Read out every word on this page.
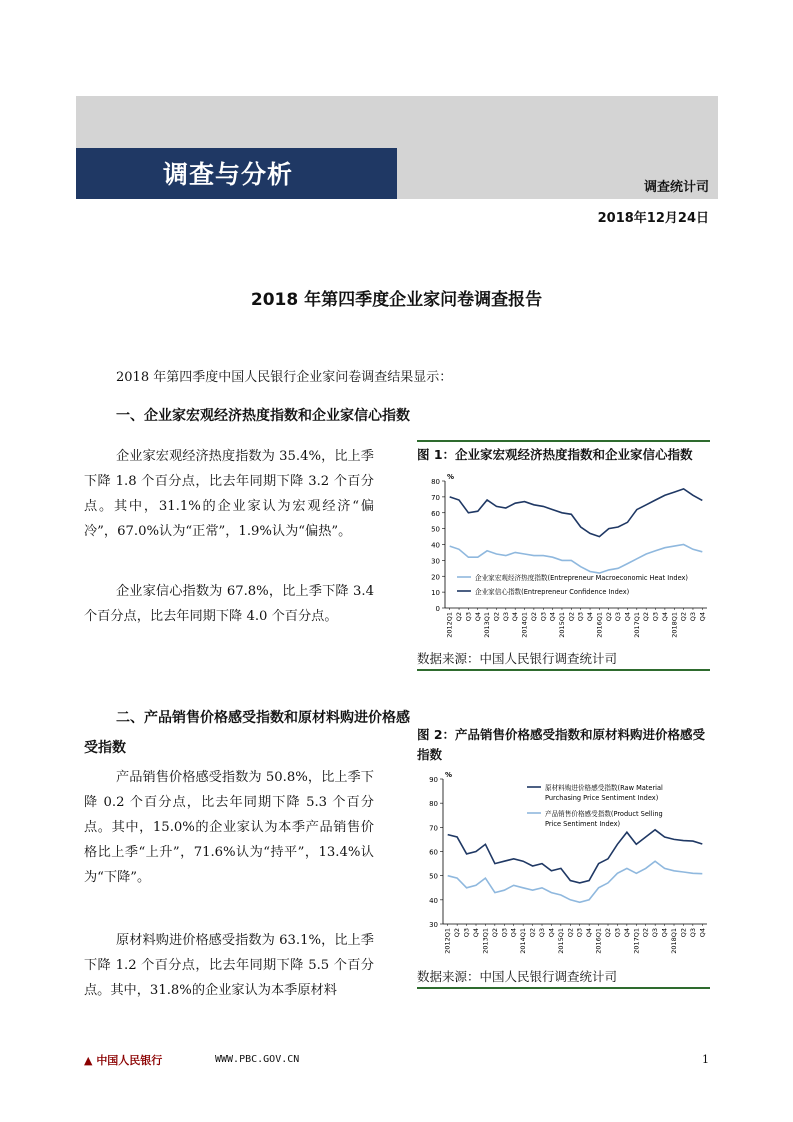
调查与分析	调查统计司
2018年12月24日
2018 年第四季度企业家问卷调查报告
2018 年第四季度中国人民银行企业家问卷调查结果显示：
一、企业家宏观经济热度指数和企业家信心指数
企业家宏观经济热度指数为 35.4%，比上季下降 1.8 个百分点，比去年同期下降 3.2 个百分点。其中，31.1%的企业家认为宏观经济“偏冷”，67.0%认为“正常”，1.9%认为“偏热”。
企业家信心指数为 67.8%，比上季下降 3.4 个百分点，比去年同期下降 4.0 个百分点。
二、产品销售价格感受指数和原材料购进价格感受指数
产品销售价格感受指数为 50.8%，比上季下降 0.2 个百分点，比去年同期下降 5.3 个百分点。其中，15.0%的企业家认为本季产品销售价格比上季“上升”，71.6%认为“持平”，13.4%认为“下降”。
原材料购进价格感受指数为 63.1%，比上季下降 1.2 个百分点，比去年同期下降 5.5 个百分点。其中，31.8%的企业家认为本季原材料
图 1：企业家宏观经济热度指数和企业家信心指数
0
10
20
30
40
50
60
70
80
%
2012Q1 Q2 Q3 Q4 2013Q1 Q2 Q3 Q4 2014Q1 Q2 Q3 Q4 2015Q1 Q2 Q3 Q4 2016Q1 Q2 Q3 Q4 2017Q1 Q2 Q3 Q4 2018Q1 Q2 Q3 Q4
企业家宏观经济热度指数(Entrepreneur Macroeconomic Heat Index)
企业家信心指数(Entrepreneur Confidence Index)
数据来源：中国人民银行调查统计司
图 2：产品销售价格感受指数和原材料购进价格感受指数
30
40
50
60
70
80
90
%
2012Q1 Q2 Q3 Q4 2013Q1 Q2 Q3 Q4 2014Q1 Q2 Q3 Q4 2015Q1 Q2 Q3 Q4 2016Q1 Q2 Q3 Q4 2017Q1 Q2 Q3 Q4 2018Q1 Q2 Q3 Q4
原材料购进价格感受指数(Raw Material
Purchasing Price Sentiment Index)
产品销售价格感受指数(Product Selling
Price Sentiment Index)
数据来源：中国人民银行调查统计司
▲ 中国人民银行	WWW.PBC.GOV.CN	1
